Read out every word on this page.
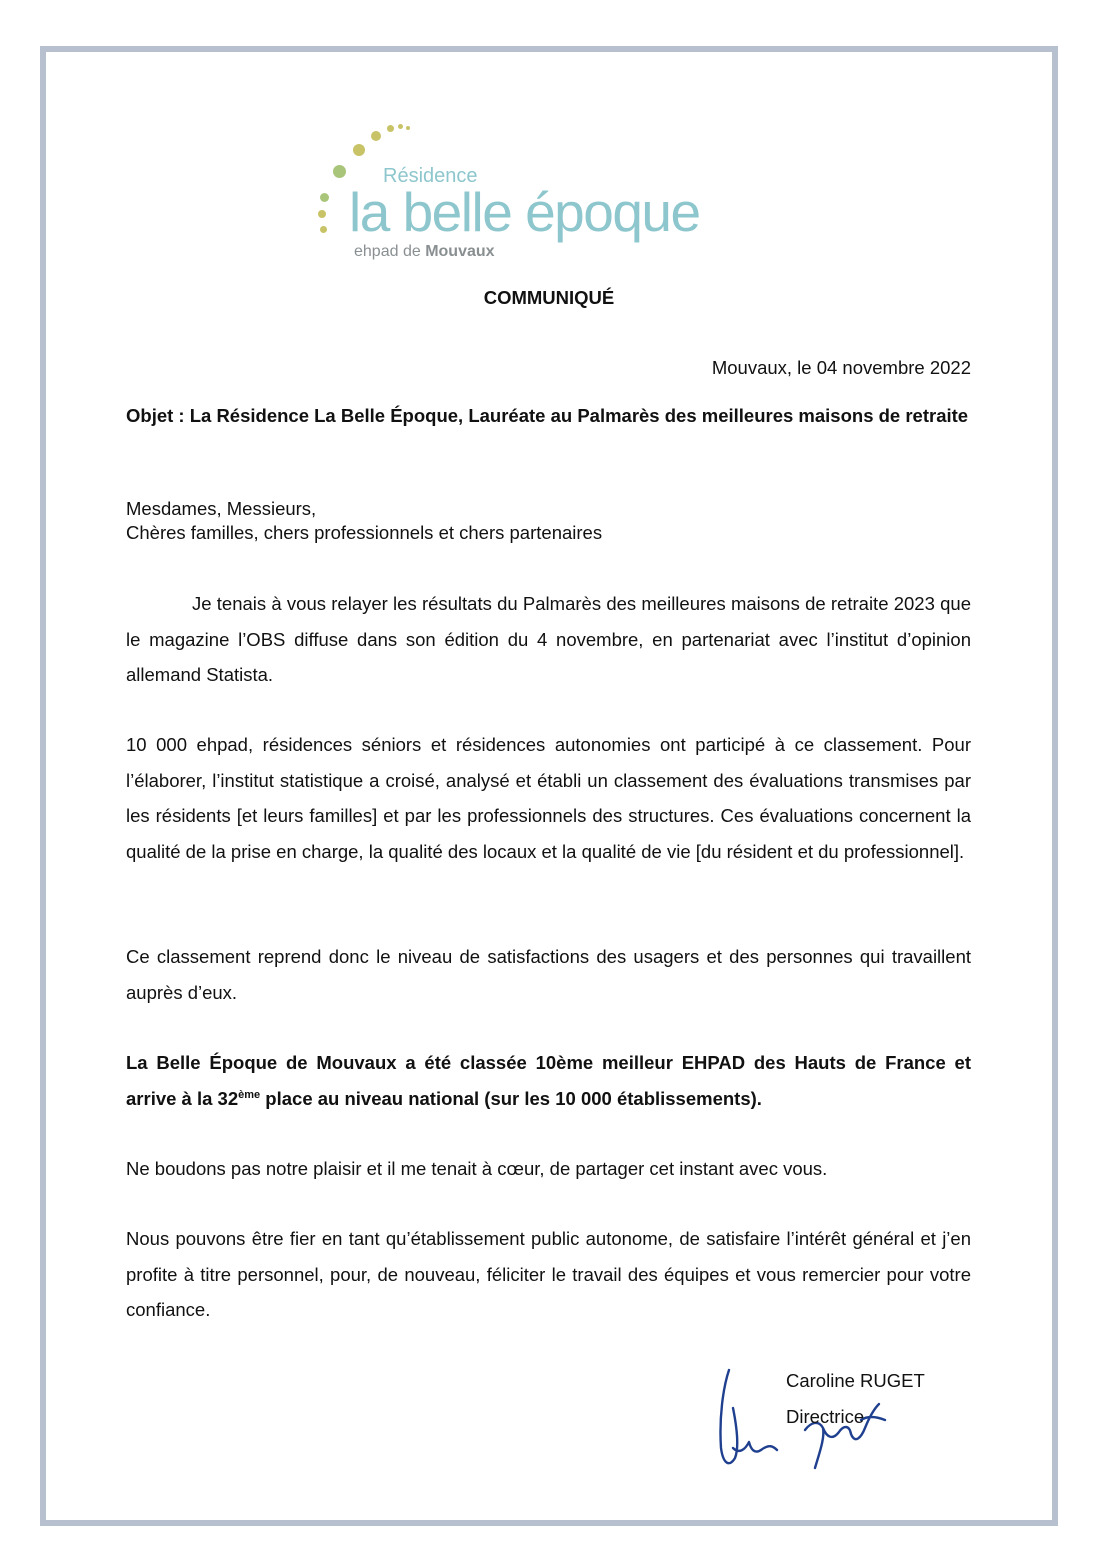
Résidence
la belle époque
ehpad de Mouvaux
COMMUNIQUÉ
Mouvaux, le 04 novembre 2022

Objet : La Résidence La Belle Époque, Lauréate au Palmarès des meilleures maisons de retraite

Mesdames, Messieurs,
Chères familles, chers professionnels et chers partenaires

Je tenais à vous relayer les résultats du Palmarès des meilleures maisons de retraite 2023 que le magazine l’OBS diffuse dans son édition du 4 novembre, en partenariat avec l’institut d’opinion allemand Statista.

10 000 ehpad, résidences séniors et résidences autonomies ont participé à ce classement. Pour l’élaborer, l’institut statistique a croisé, analysé et établi un classement des évaluations transmises par les résidents [et leurs familles] et par les professionnels des structures. Ces évaluations concernent la qualité de la prise en charge, la qualité des locaux et la qualité de vie [du résident et du professionnel].

Ce classement reprend donc le niveau de satisfactions des usagers et des personnes qui travaillent auprès d’eux.

La Belle Époque de Mouvaux a été classée 10ème meilleur EHPAD des Hauts de France et arrive à la 32ème place au niveau national (sur les 10 000 établissements).

Ne boudons pas notre plaisir et il me tenait à cœur, de partager cet instant avec vous.

Nous pouvons être fier en tant qu’établissement public autonome, de satisfaire l’intérêt général et j’en profite à titre personnel, pour, de nouveau, féliciter le travail des équipes et vous remercier pour votre confiance.

Caroline RUGET
Directrice
